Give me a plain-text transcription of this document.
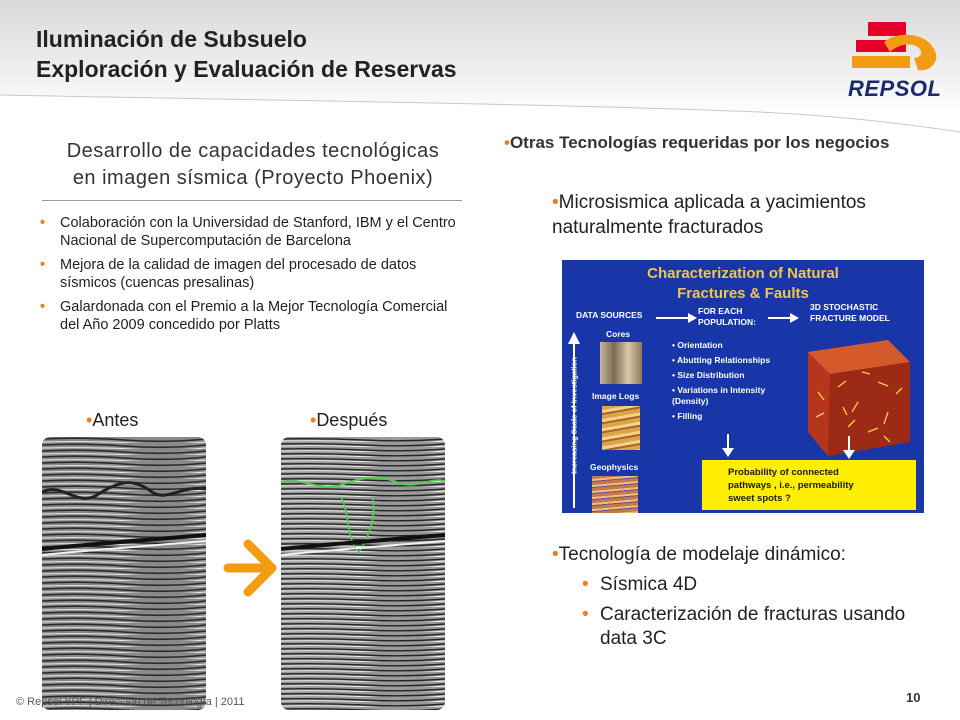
Iluminación de Subsuelo
Exploración y Evaluación de Reservas
REPSOL
Desarrollo de capacidades tecnológicas
en imagen sísmica (Proyecto Phoenix)
• Colaboración con la Universidad de Stanford, IBM y el Centro Nacional de Supercomputación de Barcelona
• Mejora de la calidad de imagen del procesado de datos sísmicos (cuencas presalinas)
• Galardonada con el Premio a la Mejor Tecnología Comercial del Año 2009 concedido por Platts
•Antes	•Después
•Otras Tecnologías requeridas por los negocios
•Microsismica aplicada a yacimientos naturalmente fracturados
Characterization of Natural
Fractures & Faults
DATA SOURCES
Cores
Image Logs
Geophysics
Increasing Scale of Investigation
FOR EACH
POPULATION:
3D STOCHASTIC
FRACTURE MODEL
• Orientation
• Abutting Relationships
• Size Distribution
• Variations in Intensity (Density)
• Filling
Probability of connected
pathways , i.e., permeability
sweet spots ?
•Tecnología de modelaje dinámico:
• Sísmica 4D
• Caracterización de fracturas usando data 3C
© Repsol YPF | Dirección de Tecnología | 2011	10
